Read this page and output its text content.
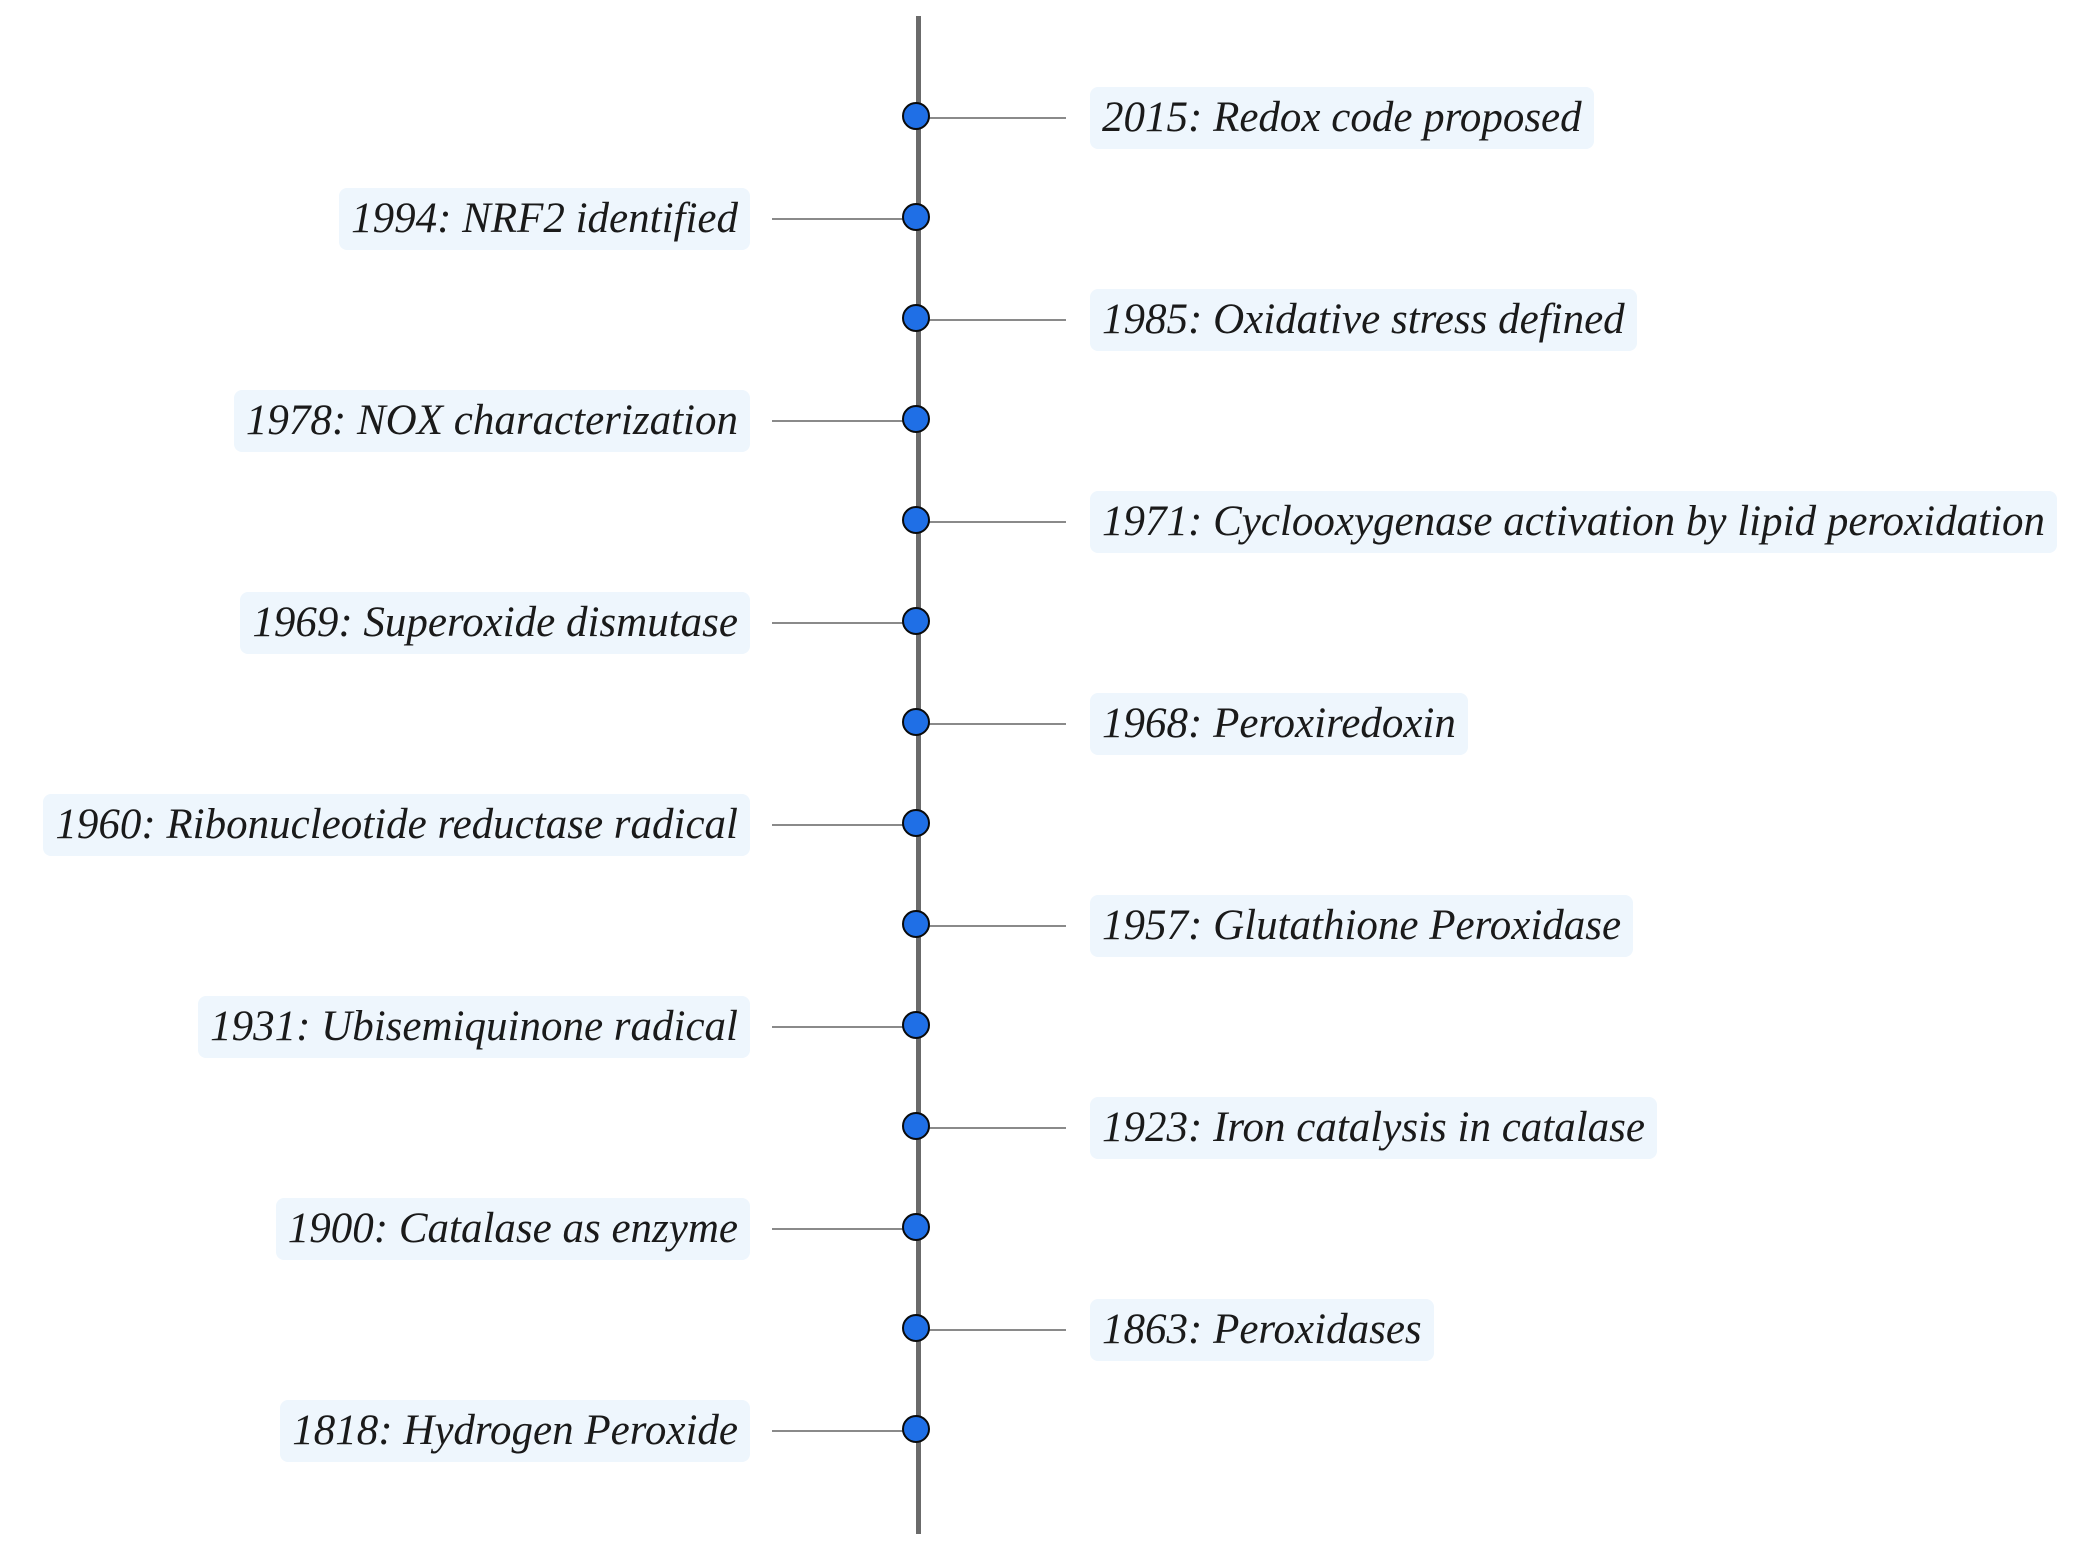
2015: Redox code proposed
1994: NRF2 identified
1985: Oxidative stress defined
1978: NOX characterization
1971: Cyclooxygenase activation by lipid peroxidation
1969: Superoxide dismutase
1968: Peroxiredoxin
1960: Ribonucleotide reductase radical
1957: Glutathione Peroxidase
1931: Ubisemiquinone radical
1923: Iron catalysis in catalase
1900: Catalase as enzyme
1863: Peroxidases
1818: Hydrogen Peroxide
